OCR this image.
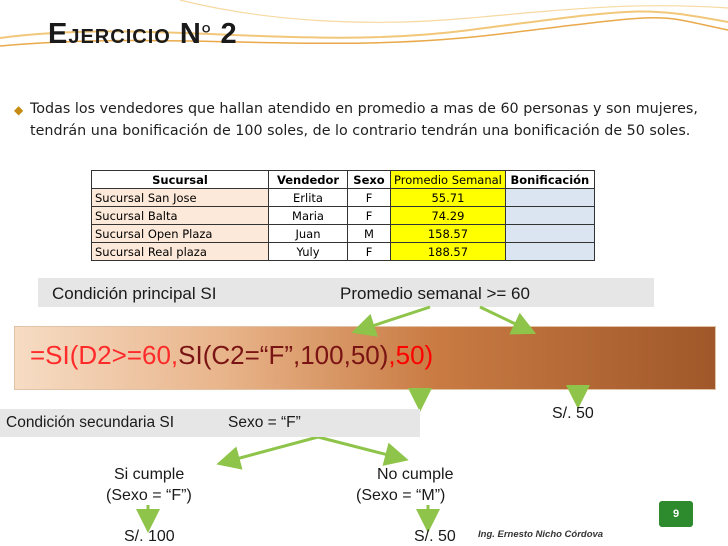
Ejercicio $N^o$ 2
◆ Todas los vendedores que hallan atendido en promedio a mas de 60 personas y son mujeres, tendrán una bonificación de 100 soles, de lo contrario tendrán una bonificación de 50 soles.
Sucursal	Vendedor	Sexo	Promedio Semanal	Bonificación
Sucursal San Jose	Erlita	F	55.71	
Sucursal Balta	Maria	F	74.29	
Sucursal Open Plaza	Juan	M	158.57	
Sucursal Real plaza	Yuly	F	188.57	
Condición principal SI	Promedio semanal >= 60
=SI(D2>=60,SI(C2=“F”,100,50),50)
Condición secundaria SI	Sexo = “F”
S/. 50
Si cumple
(Sexo = “F”)
No cumple
(Sexo = “M”)
S/. 100	S/. 50
9
Ing. Ernesto Nicho Córdova
